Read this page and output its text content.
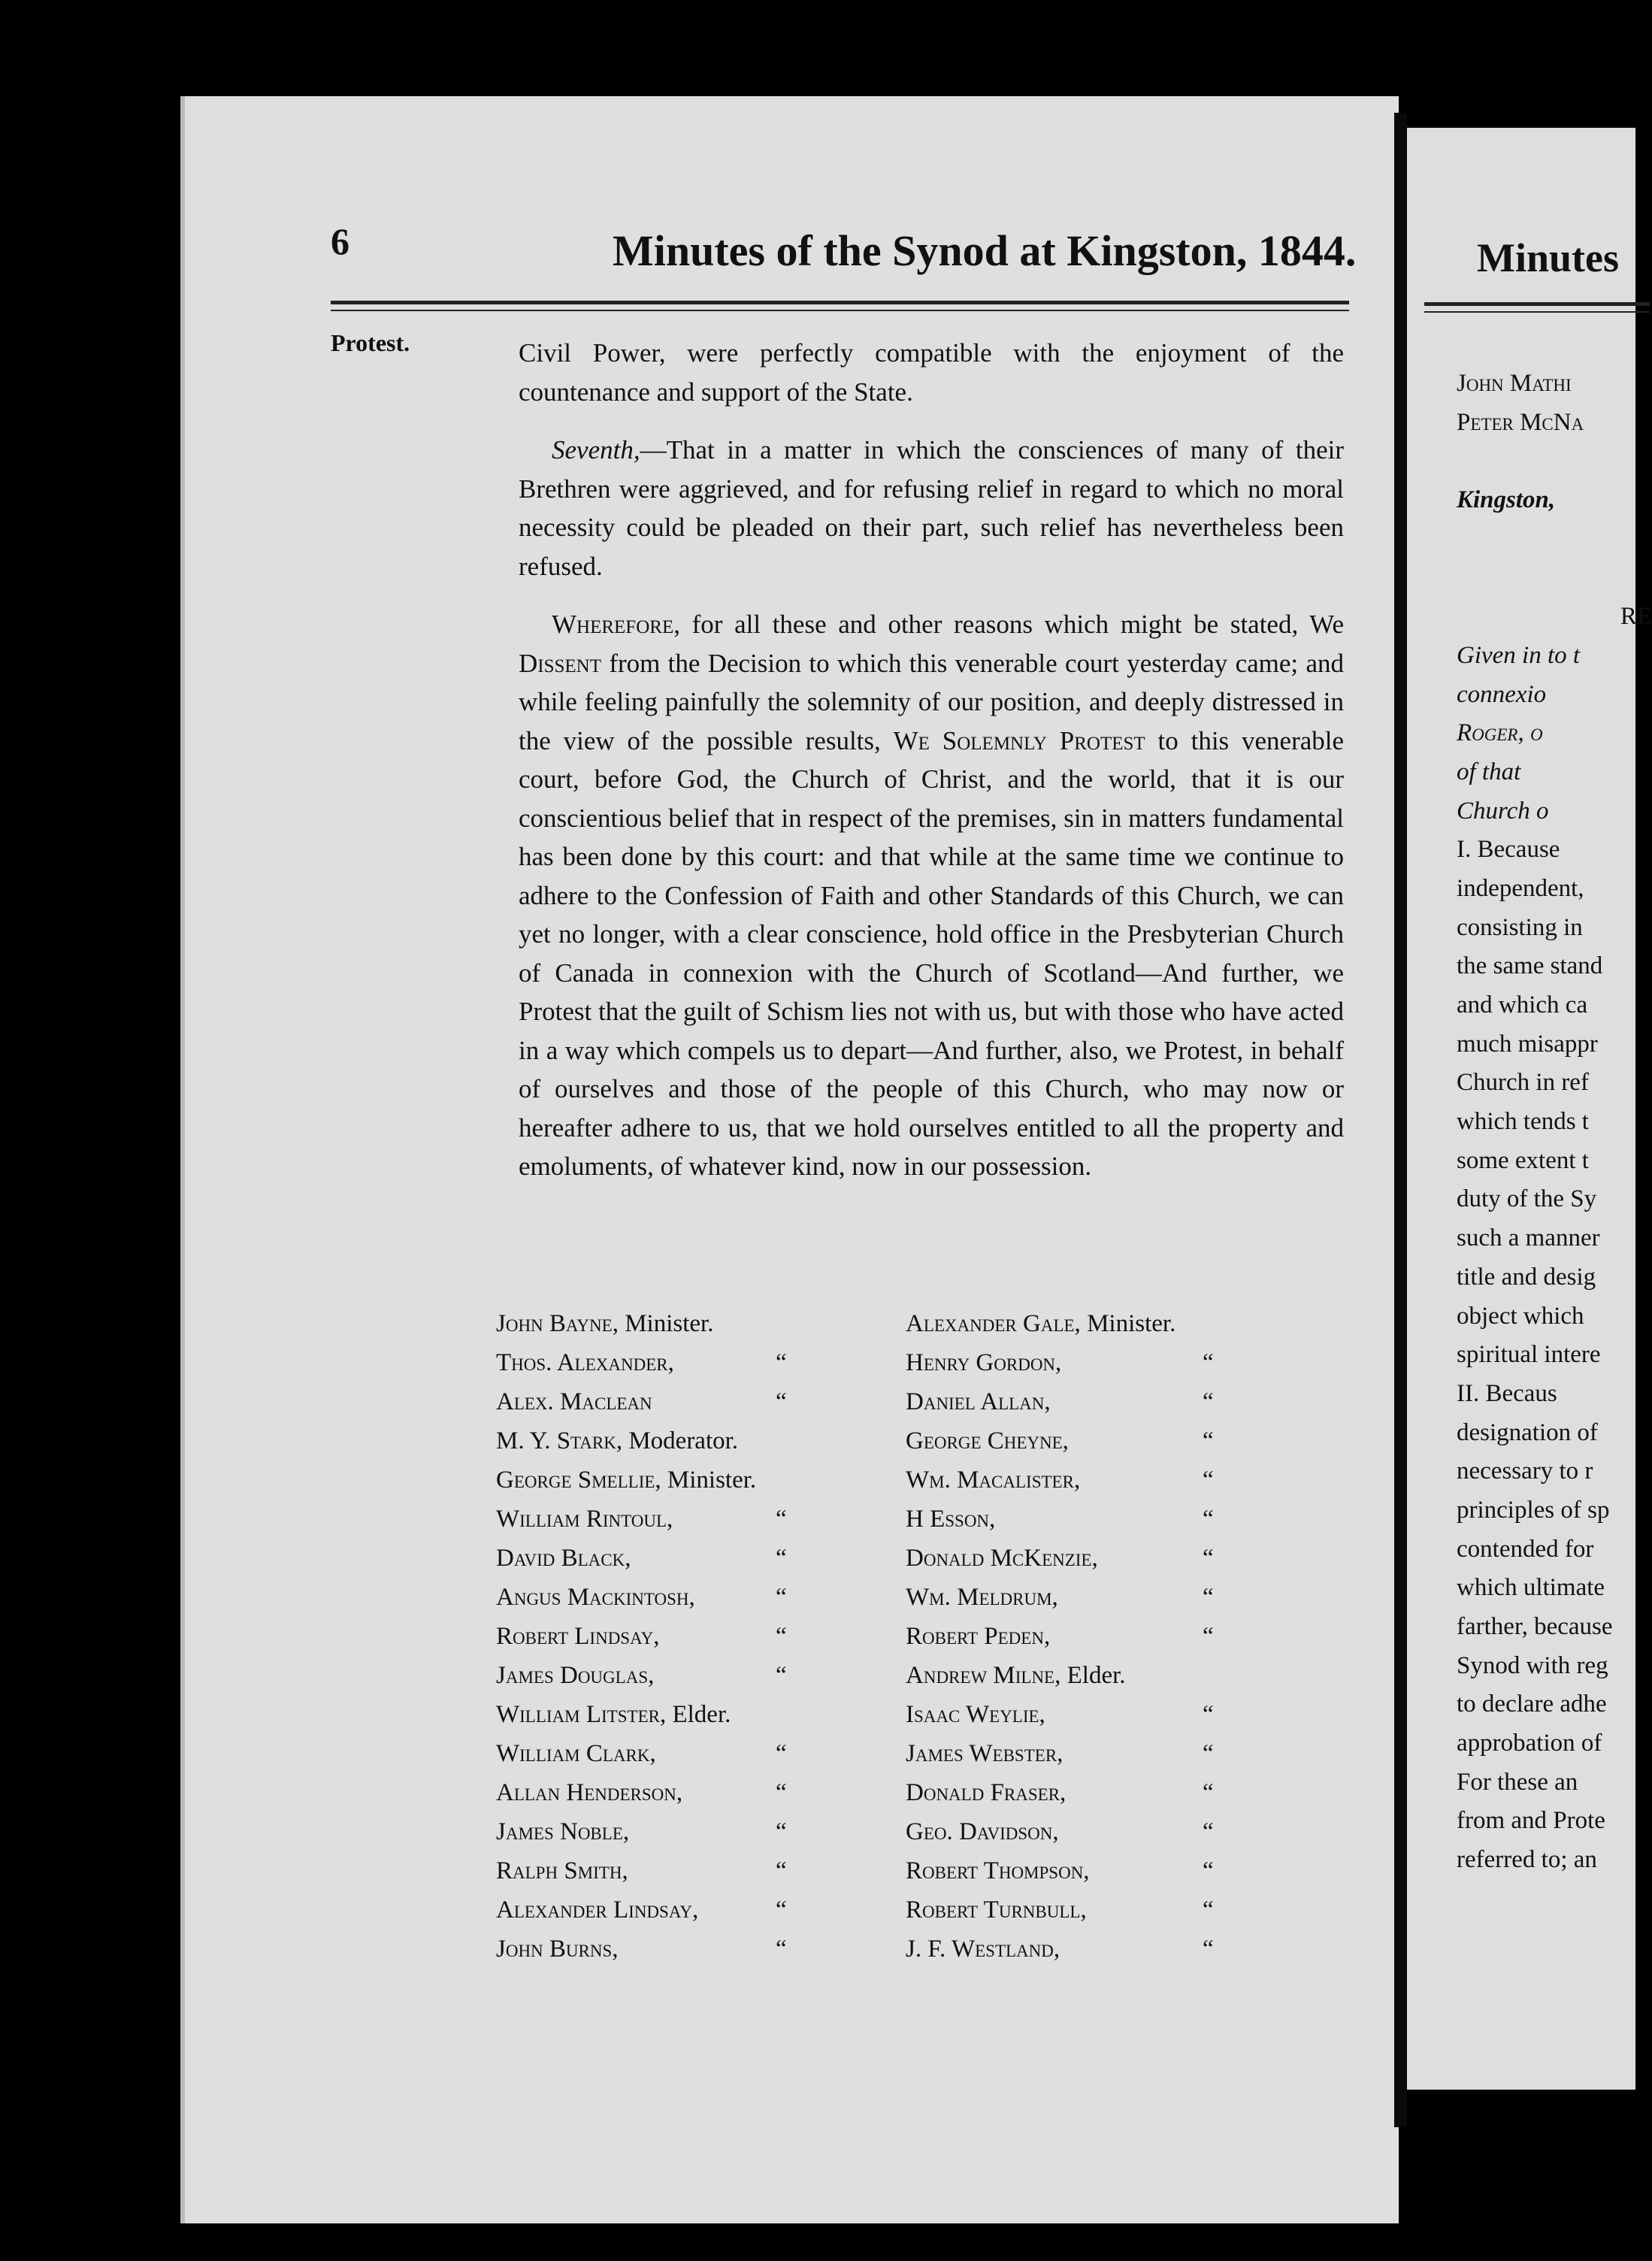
6	Minutes of the Synod at Kingston, 1844.
Protest.	Civil Power, were perfectly compatible with the enjoyment of the countenance and support of the State.

Seventh,—That in a matter in which the consciences of many of their Brethren were aggrieved, and for refusing relief in regard to which no moral necessity could be pleaded on their part, such relief has nevertheless been refused.

Wherefore, for all these and other reasons which might be stated, We Dissent from the Decision to which this venerable court yesterday came; and while feeling painfully the solemnity of our position, and deeply distressed in the view of the possible results, We Solemnly Protest to this venerable court, before God, the Church of Christ, and the world, that it is our conscientious belief that in respect of the premises, sin in matters fundamental has been done by this court: and that while at the same time we continue to adhere to the Confession of Faith and other Standards of this Church, we can yet no longer, with a clear conscience, hold office in the Presbyterian Church of Canada in connexion with the Church of Scotland—And further, we Protest that the guilt of Schism lies not with us, but with those who have acted in a way which compels us to depart—And further, also, we Protest, in behalf of ourselves and those of the people of this Church, who may now or hereafter adhere to us, that we hold ourselves entitled to all the property and emoluments, of whatever kind, now in our possession.

John Bayne, Minister.
Thos. Alexander,	“
Alex. Maclean	“
M. Y. Stark, Moderator.
George Smellie, Minister.
William Rintoul,	“
David Black,	“
Angus Mackintosh,	“
Robert Lindsay,	“
James Douglas,	“
William Litster, Elder.
William Clark,	“
Allan Henderson,	“
James Noble,	“
Ralph Smith,	“
Alexander Lindsay,	“
John Burns,	“
Alexander Gale, Minister.
Henry Gordon,	“
Daniel Allan,	“
George Cheyne,	“
Wm. Macalister,	“
H Esson,	“
Donald McKenzie,	“
Wm. Meldrum,	“
Robert Peden,	“
Andrew Milne, Elder.
Isaac Weylie,	“
James Webster,	“
Donald Fraser,	“
Geo. Davidson,	“
Robert Thompson,	“
Robert Turnbull,	“
J. F. Westland,	“
Minutes
John Mathi
Peter McNa
Kingston,
RE
Given in to t
connexio
Roger, o
of that
Church o
I. Because
independent,
consisting in
the same stand
and which ca
much misappr
Church in ref
which tends t
some extent t
duty of the Sy
such a manner
title and desig
object which
spiritual intere
II. Becaus
designation of
necessary to r
principles of sp
contended for
which ultimate
farther, because
Synod with reg
to declare adhe
approbation of
For these an
from and Prote
referred to; an
